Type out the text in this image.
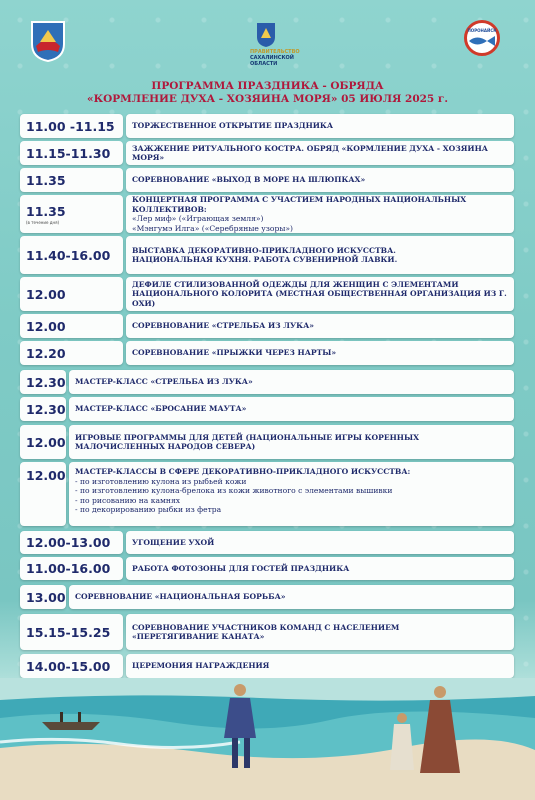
ПРАВИТЕЛЬСТВО
САХАЛИНСКОЙ ОБЛАСТИ
ПОРОНАЙСК
ПРОГРАММА ПРАЗДНИКА - ОБРЯДА
«КОРМЛЕНИЕ ДУХА - ХОЗЯИНА МОРЯ» 05 ИЮЛЯ 2025 г.
11.00 -11.15	ТОРЖЕСТВЕННОЕ ОТКРЫТИЕ ПРАЗДНИКА
11.15-11.30	ЗАЖЖЕНИЕ РИТУАЛЬНОГО КОСТРА. ОБРЯД «КОРМЛЕНИЕ ДУХА - ХОЗЯИНА МОРЯ»
11.35	СОРЕВНОВАНИЕ «ВЫХОД В МОРЕ НА ШЛЮПКАХ»
11.35
(в течение дня)
КОНЦЕРТНАЯ ПРОГРАММА С УЧАСТИЕМ НАРОДНЫХ НАЦИОНАЛЬНЫХ КОЛЛЕКТИВОВ:
«Лер миф» («Играющая земля»)
«Мэнгумэ Илга» («Серебряные узоры»)
11.40-16.00	ВЫСТАВКА ДЕКОРАТИВНО-ПРИКЛАДНОГО ИСКУССТВА.
НАЦИОНАЛЬНАЯ КУХНЯ. РАБОТА СУВЕНИРНОЙ ЛАВКИ.
12.00
ДЕФИЛЕ СТИЛИЗОВАННОЙ ОДЕЖДЫ ДЛЯ ЖЕНЩИН С ЭЛЕМЕНТАМИ
НАЦИОНАЛЬНОГО КОЛОРИТА (МЕСТНАЯ ОБЩЕСТВЕННАЯ ОРГАНИЗАЦИЯ ИЗ Г. ОХИ)
12.00	СОРЕВНОВАНИЕ «СТРЕЛЬБА ИЗ ЛУКА»
12.20	СОРЕВНОВАНИЕ «ПРЫЖКИ ЧЕРЕЗ НАРТЫ»
12.30 МАСТЕР-КЛАСС «СТРЕЛЬБА ИЗ ЛУКА»
12.30 МАСТЕР-КЛАСС «БРОСАНИЕ МАУТА»
12.00 ИГРОВЫЕ ПРОГРАММЫ ДЛЯ ДЕТЕЙ (НАЦИОНАЛЬНЫЕ ИГРЫ КОРЕННЫХ
МАЛОЧИСЛЕННЫХ НАРОДОВ СЕВЕРА)
12.00 МАСТЕР-КЛАССЫ В СФЕРЕ ДЕКОРАТИВНО-ПРИКЛАДНОГО ИСКУССТВА:
- по изготовлению кулона из рыбьей кожи
- по изготовлению кулона-брелока из кожи животного с элементами вышивки
- по рисованию на камнях
- по декорированию рыбки из фетра
12.00-13.00	УГОЩЕНИЕ УХОЙ
11.00-16.00	РАБОТА ФОТОЗОНЫ ДЛЯ ГОСТЕЙ ПРАЗДНИКА
13.00 СОРЕВНОВАНИЕ «НАЦИОНАЛЬНАЯ БОРЬБА»
15.15-15.25	СОРЕВНОВАНИЕ УЧАСТНИКОВ КОМАНД С НАСЕЛЕНИЕМ
«ПЕРЕТЯГИВАНИЕ КАНАТА»
14.00-15.00	ЦЕРЕМОНИЯ НАГРАЖДЕНИЯ
